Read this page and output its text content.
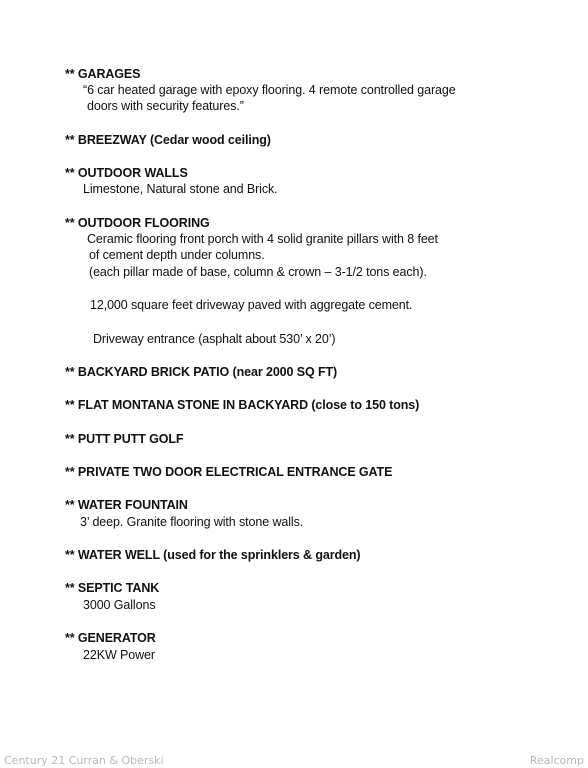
** GARAGES
“6 car heated garage with epoxy flooring. 4 remote controlled garage
doors with security features.”
** BREEZWAY (Cedar wood ceiling)
** OUTDOOR WALLS
Limestone, Natural stone and Brick.
** OUTDOOR FLOORING
Ceramic flooring front porch with 4 solid granite pillars with 8 feet
of cement depth under columns.
(each pillar made of base, column & crown – 3-1/2 tons each).
12,000 square feet driveway paved with aggregate cement.
Driveway entrance (asphalt about 530’ x 20’)
** BACKYARD BRICK PATIO (near 2000 SQ FT)
** FLAT MONTANA STONE IN BACKYARD (close to 150 tons)
** PUTT PUTT GOLF
** PRIVATE TWO DOOR ELECTRICAL ENTRANCE GATE
** WATER FOUNTAIN
3’ deep. Granite flooring with stone walls.
** WATER WELL (used for the sprinklers & garden)
** SEPTIC TANK
3000 Gallons
** GENERATOR
22KW Power
Century 21 Curran & Oberski	Realcomp
